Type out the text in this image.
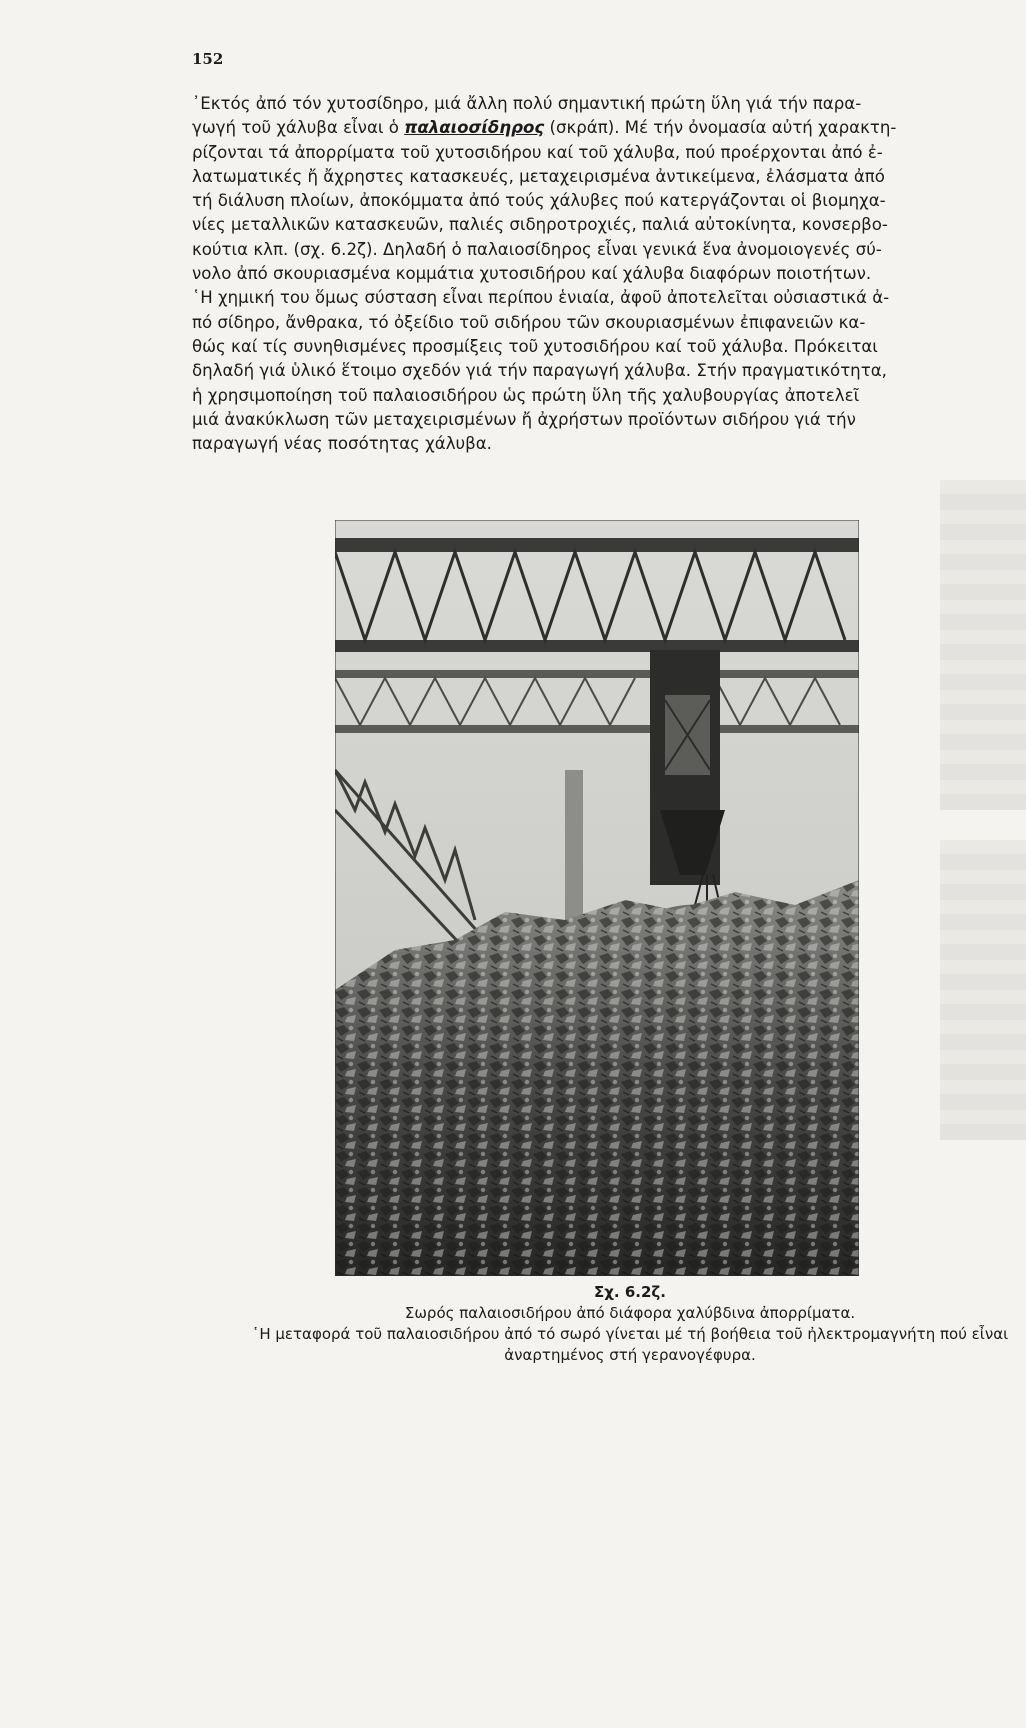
152
᾿Εκτός ἀπό τόν χυτοσίδηρο, μιά ἄλλη πολύ σημαντική πρώτη ὕλη γιά τήν παρα-
γωγή τοῦ χάλυβα εἶναι ὁ παλαιοσίδηρος (σκράπ). Μέ τήν ὀνομασία αὐτή χαρακτη-
ρίζονται τά ἀπορρίματα τοῦ χυτοσιδήρου καί τοῦ χάλυβα, πού προέρχονται ἀπό ἐ-
λατωματικές ἤ ἄχρηστες κατασκευές, μεταχειρισμένα ἀντικείμενα, ἐλάσματα ἀπό
τή διάλυση πλοίων, ἀποκόμματα ἀπό τούς χάλυβες πού κατεργάζονται οἱ βιομηχα-
νίες μεταλλικῶν κατασκευῶν, παλιές σιδηροτροχιές, παλιά αὐτοκίνητα, κονσερβο-
κούτια κλπ. (σχ. 6.2ζ). Δηλαδή ὁ παλαιοσίδηρος εἶναι γενικά ἕνα ἀνομοιογενές σύ-
νολο ἀπό σκουριασμένα κομμάτια χυτοσιδήρου καί χάλυβα διαφόρων ποιοτήτων.
῾Η χημική του ὅμως σύσταση εἶναι περίπου ἑνιαία, ἀφοῦ ἀποτελεῖται οὐσιαστικά ἀ-
πό σίδηρο, ἄνθρακα, τό ὀξείδιο τοῦ σιδήρου τῶν σκουριασμένων ἐπιφανειῶν κα-
θώς καί τίς συνηθισμένες προσμίξεις τοῦ χυτοσιδήρου καί τοῦ χάλυβα. Πρόκειται
δηλαδή γιά ὑλικό ἕτοιμο σχεδόν γιά τήν παραγωγή χάλυβα. Στήν πραγματικότητα,
ἡ χρησιμοποίηση τοῦ παλαιοσιδήρου ὡς πρώτη ὕλη τῆς χαλυβουργίας ἀποτελεῖ
μιά ἀνακύκλωση τῶν μεταχειρισμένων ἤ ἀχρήστων προϊόντων σιδήρου γιά τήν
παραγωγή νέας ποσότητας χάλυβα.
Σχ. 6.2ζ.
Σωρός παλαιοσιδήρου ἀπό διάφορα χαλύβδινα ἀπορρίματα.
῾Η μεταφορά τοῦ παλαιοσιδήρου ἀπό τό σωρό γίνεται μέ τή βοήθεια τοῦ ἠλεκτρομαγνήτη πού εἶναι
ἀναρτημένος στή γερανογέφυρα.
